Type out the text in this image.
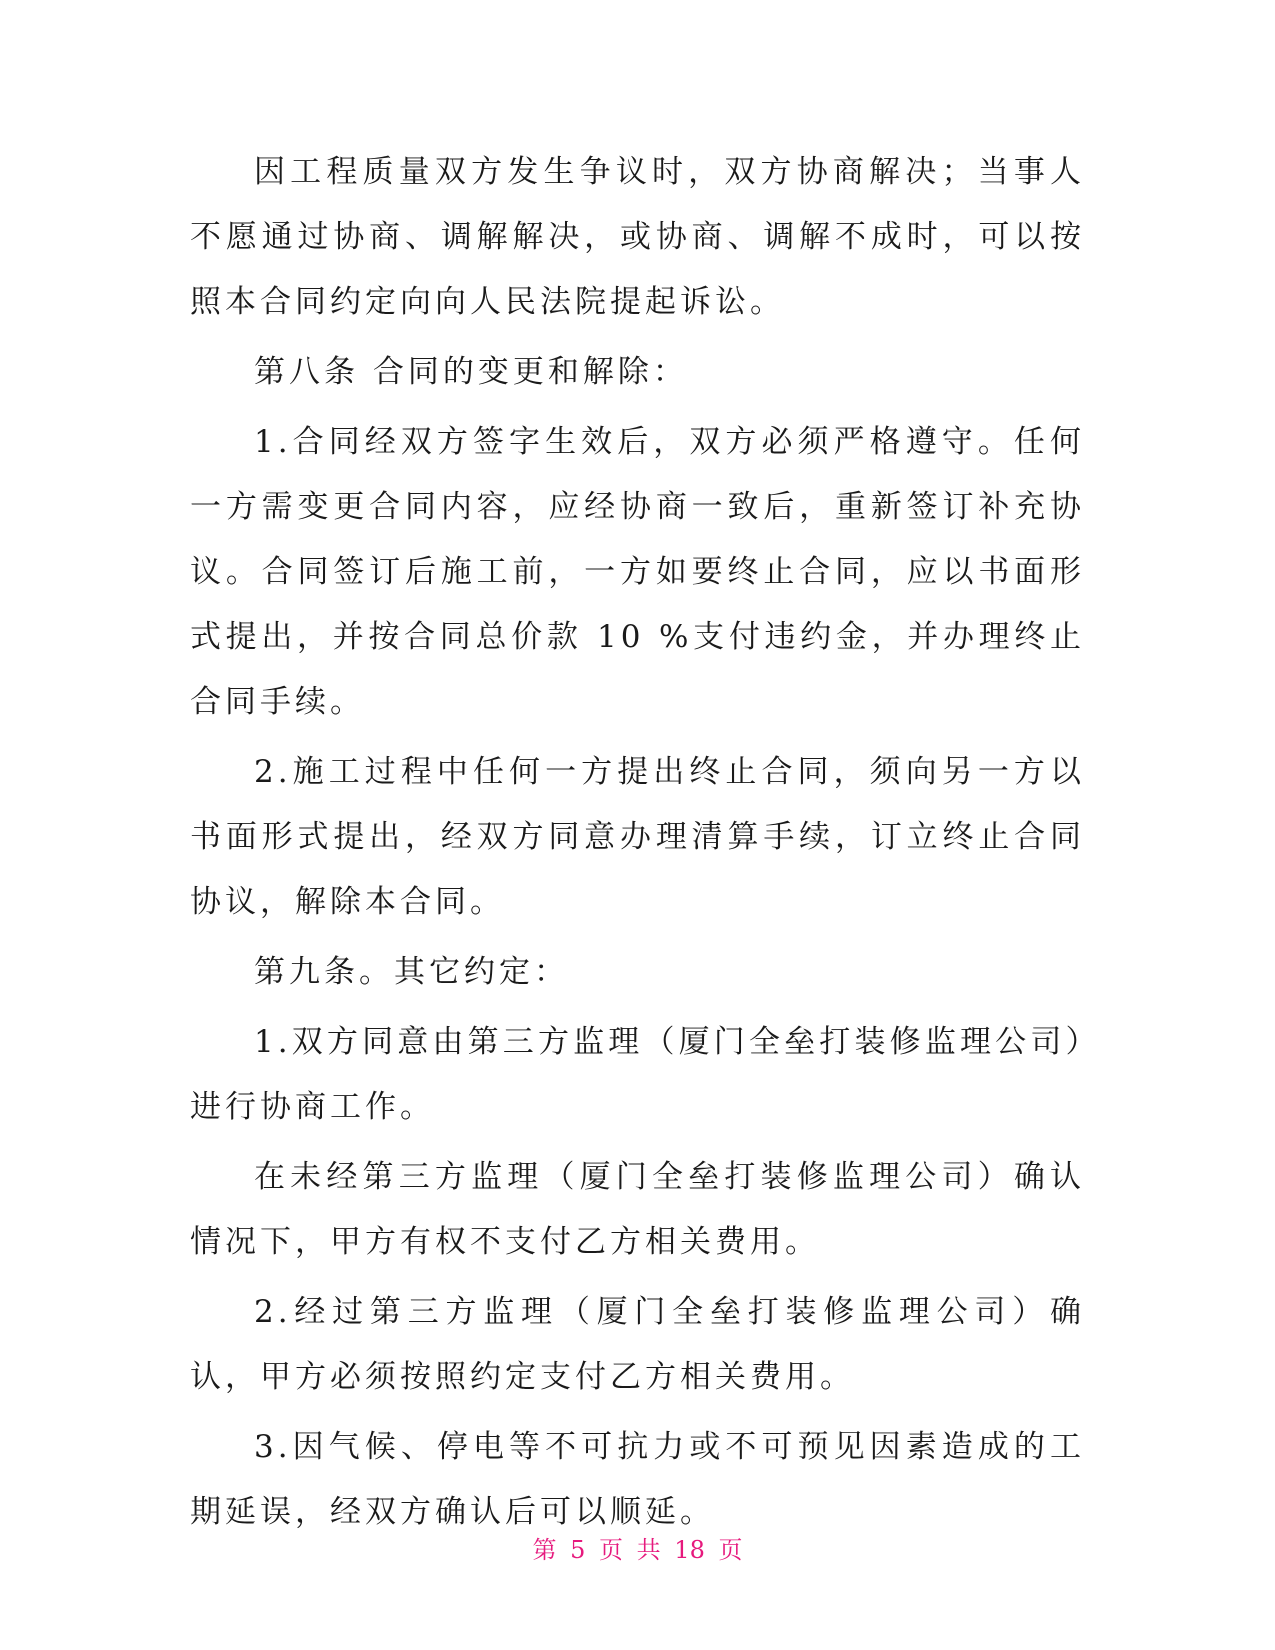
因工程质量双方发生争议时，双方协商解决；当事人不愿通过协商、调解解决，或协商、调解不成时，可以按照本合同约定向向人民法院提起诉讼。

第八条 合同的变更和解除：

1.合同经双方签字生效后，双方必须严格遵守。任何一方需变更合同内容，应经协商一致后，重新签订补充协议。合同签订后施工前，一方如要终止合同，应以书面形式提出，并按合同总价款 10 %支付违约金，并办理终止合同手续。

2.施工过程中任何一方提出终止合同，须向另一方以书面形式提出，经双方同意办理清算手续，订立终止合同协议，解除本合同。

第九条。其它约定：

1.双方同意由第三方监理（厦门全垒打装修监理公司）进行协商工作。

在未经第三方监理（厦门全垒打装修监理公司）确认情况下，甲方有权不支付乙方相关费用。

2.经过第三方监理（厦门全垒打装修监理公司）确认，甲方必须按照约定支付乙方相关费用。

3.因气候、停电等不可抗力或不可预见因素造成的工期延误，经双方确认后可以顺延。

第 5 页 共 18 页
